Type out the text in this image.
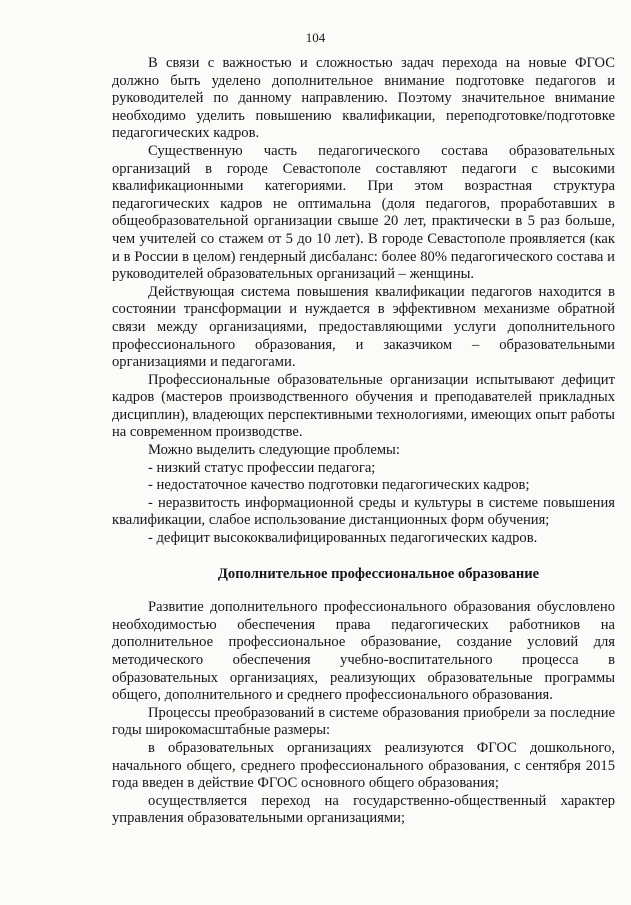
104

В связи с важностью и сложностью задач перехода на новые ФГОС должно быть уделено дополнительное внимание подготовке педагогов и руководителей по данному направлению. Поэтому значительное внимание необходимо уделить повышению квалификации, переподготовке/подготовке педагогических кадров.

Существенную часть педагогического состава образовательных организаций в городе Севастополе составляют педагоги с высокими квалификационными категориями. При этом возрастная структура педагогических кадров не оптимальна (доля педагогов, проработавших в общеобразовательной организации свыше 20 лет, практически в 5 раз больше, чем учителей со стажем от 5 до 10 лет). В городе Севастополе проявляется (как и в России в целом) гендерный дисбаланс: более 80% педагогического состава и руководителей образовательных организаций – женщины.

Действующая система повышения квалификации педагогов находится в состоянии трансформации и нуждается в эффективном механизме обратной связи между организациями, предоставляющими услуги дополнительного профессионального образования, и заказчиком – образовательными организациями и педагогами.

Профессиональные образовательные организации испытывают дефицит кадров (мастеров производственного обучения и преподавателей прикладных дисциплин), владеющих перспективными технологиями, имеющих опыт работы на современном производстве.

Можно выделить следующие проблемы:

- низкий статус профессии педагога;

- недостаточное качество подготовки педагогических кадров;

- неразвитость информационной среды и культуры в системе повышения квалификации, слабое использование дистанционных форм обучения;

- дефицит высококвалифицированных педагогических кадров.

Дополнительное профессиональное образование

Развитие дополнительного профессионального образования обусловлено необходимостью обеспечения права педагогических работников на дополнительное профессиональное образование, создание условий для методического обеспечения учебно-воспитательного процесса в образовательных организациях, реализующих образовательные программы общего, дополнительного и среднего профессионального образования.

Процессы преобразований в системе образования приобрели за последние годы широкомасштабные размеры:

в образовательных организациях реализуются ФГОС дошкольного, начального общего, среднего профессионального образования, с сентября 2015 года введен в действие ФГОС основного общего образования;

осуществляется переход на государственно-общественный характер управления образовательными организациями;
